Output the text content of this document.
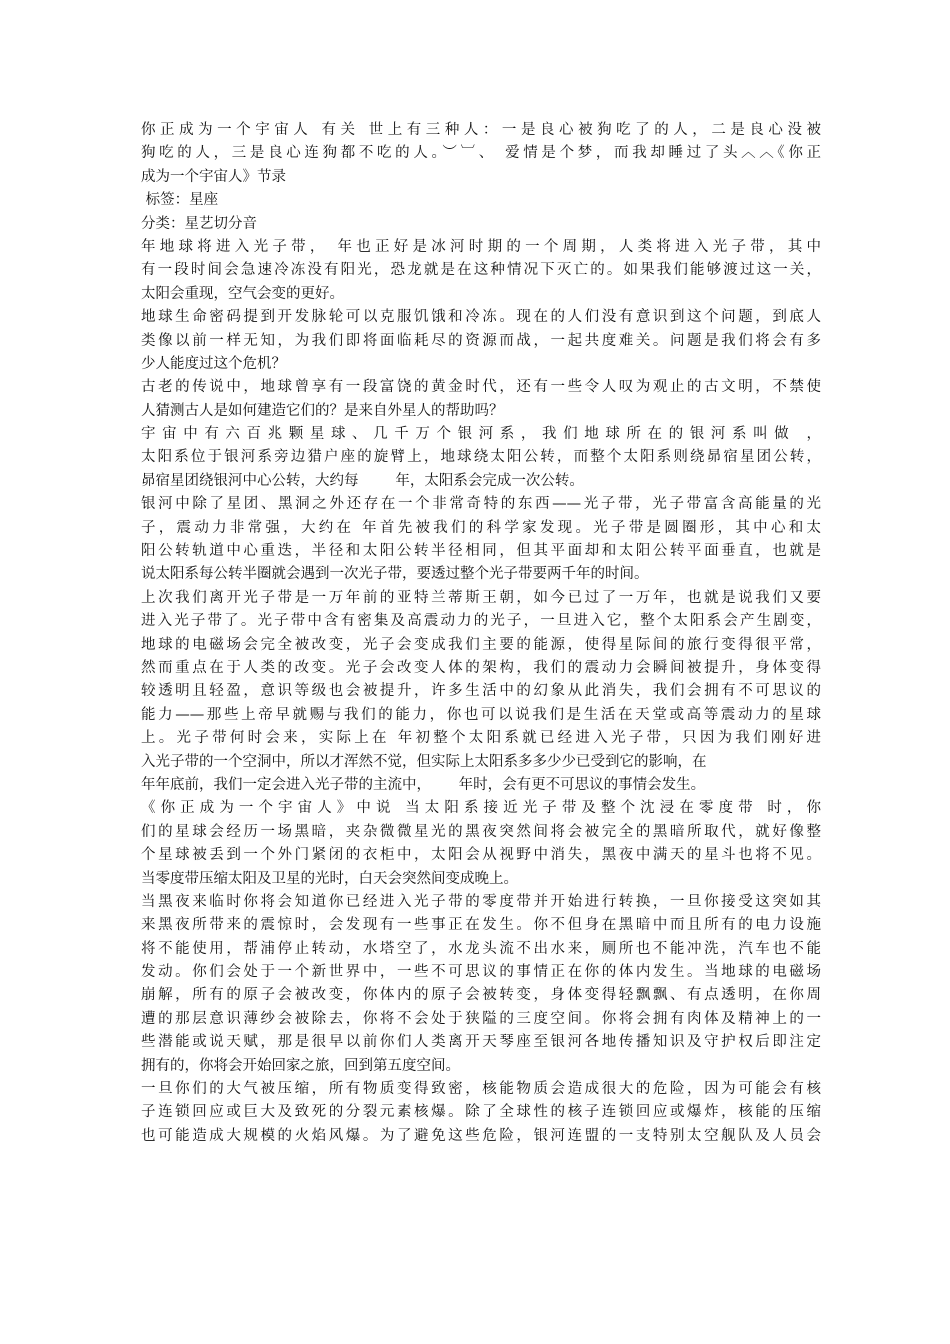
你正成为一个宇宙人 有关 世上有三种人：一是良心被狗吃了的人，二是良心没被
狗吃的人，三是良心连狗都不吃的人。︶︺、 爱情是个梦，而我却睡过了头︿︿《你正
成为一个宇宙人》节录
标签：星座
分类：星艺切分音
年地球将进入光子带， 年也正好是冰河时期的一个周期，人类将进入光子带，其中
有一段时间会急速冷冻没有阳光，恐龙就是在这种情况下灭亡的。如果我们能够渡过这一关，
太阳会重现，空气会变的更好。
地球生命密码提到开发脉轮可以克服饥饿和冷冻。现在的人们没有意识到这个问题，到底人
类像以前一样无知，为我们即将面临耗尽的资源而战，一起共度难关。问题是我们将会有多
少人能度过这个危机？
古老的传说中，地球曾享有一段富饶的黄金时代，还有一些令人叹为观止的古文明，不禁使
人猜测古人是如何建造它们的？是来自外星人的帮助吗？
宇宙中有六百兆颗星球、几千万个银河系，我们地球所在的银河系叫做 ，
太阳系位于银河系旁边猎户座的旋臂上，地球绕太阳公转，而整个太阳系则绕昴宿星团公转，
昴宿星团绕银河中心公转，大约每        年，太阳系会完成一次公转。
银河中除了星团、黑洞之外还存在一个非常奇特的东西——光子带，光子带富含高能量的光
子，震动力非常强，大约在 年首先被我们的科学家发现。光子带是圆圈形，其中心和太
阳公转轨道中心重迭，半径和太阳公转半径相同，但其平面却和太阳公转平面垂直，也就是
说太阳系每公转半圈就会遇到一次光子带，要透过整个光子带要两千年的时间。
上次我们离开光子带是一万年前的亚特兰蒂斯王朝，如今已过了一万年，也就是说我们又要
进入光子带了。光子带中含有密集及高震动力的光子，一旦进入它，整个太阳系会产生剧变，
地球的电磁场会完全被改变，光子会变成我们主要的能源，使得星际间的旅行变得很平常，
然而重点在于人类的改变。光子会改变人体的架构，我们的震动力会瞬间被提升，身体变得
较透明且轻盈，意识等级也会被提升，许多生活中的幻象从此消失，我们会拥有不可思议的
能力——那些上帝早就赐与我们的能力，你也可以说我们是生活在天堂或高等震动力的星球
上。光子带何时会来，实际上在 年初整个太阳系就已经进入光子带，只因为我们刚好进
入光子带的一个空洞中，所以才浑然不觉，但实际上太阳系多多少少已受到它的影响，在
年年底前，我们一定会进入光子带的主流中，      年时，会有更不可思议的事情会发生。
《你正成为一个宇宙人》中说 当太阳系接近光子带及整个沈浸在零度带 时，你
们的星球会经历一场黑暗，夹杂微微星光的黑夜突然间将会被完全的黑暗所取代，就好像整
个星球被丢到一个外门紧闭的衣柜中，太阳会从视野中消失，黑夜中满天的星斗也将不见。
当零度带压缩太阳及卫星的光时，白天会突然间变成晚上。
当黑夜来临时你将会知道你已经进入光子带的零度带并开始进行转换，一旦你接受这突如其
来黑夜所带来的震惊时，会发现有一些事正在发生。你不但身在黑暗中而且所有的电力设施
将不能使用，帮浦停止转动，水塔空了，水龙头流不出水来，厕所也不能冲洗，汽车也不能
发动。你们会处于一个新世界中，一些不可思议的事情正在你的体内发生。当地球的电磁场
崩解，所有的原子会被改变，你体内的原子会被转变，身体变得轻飘飘、有点透明，在你周
遭的那层意识薄纱会被除去，你将不会处于狭隘的三度空间。你将会拥有肉体及精神上的一
些潜能或说天赋，那是很早以前你们人类离开天琴座至银河各地传播知识及守护权后即注定
拥有的，你将会开始回家之旅，回到第五度空间。
一旦你们的大气被压缩，所有物质变得致密，核能物质会造成很大的危险，因为可能会有核
子连锁回应或巨大及致死的分裂元素核爆。除了全球性的核子连锁回应或爆炸，核能的压缩
也可能造成大规模的火焰风爆。为了避免这些危险，银河连盟的一支特别太空舰队及人员会
